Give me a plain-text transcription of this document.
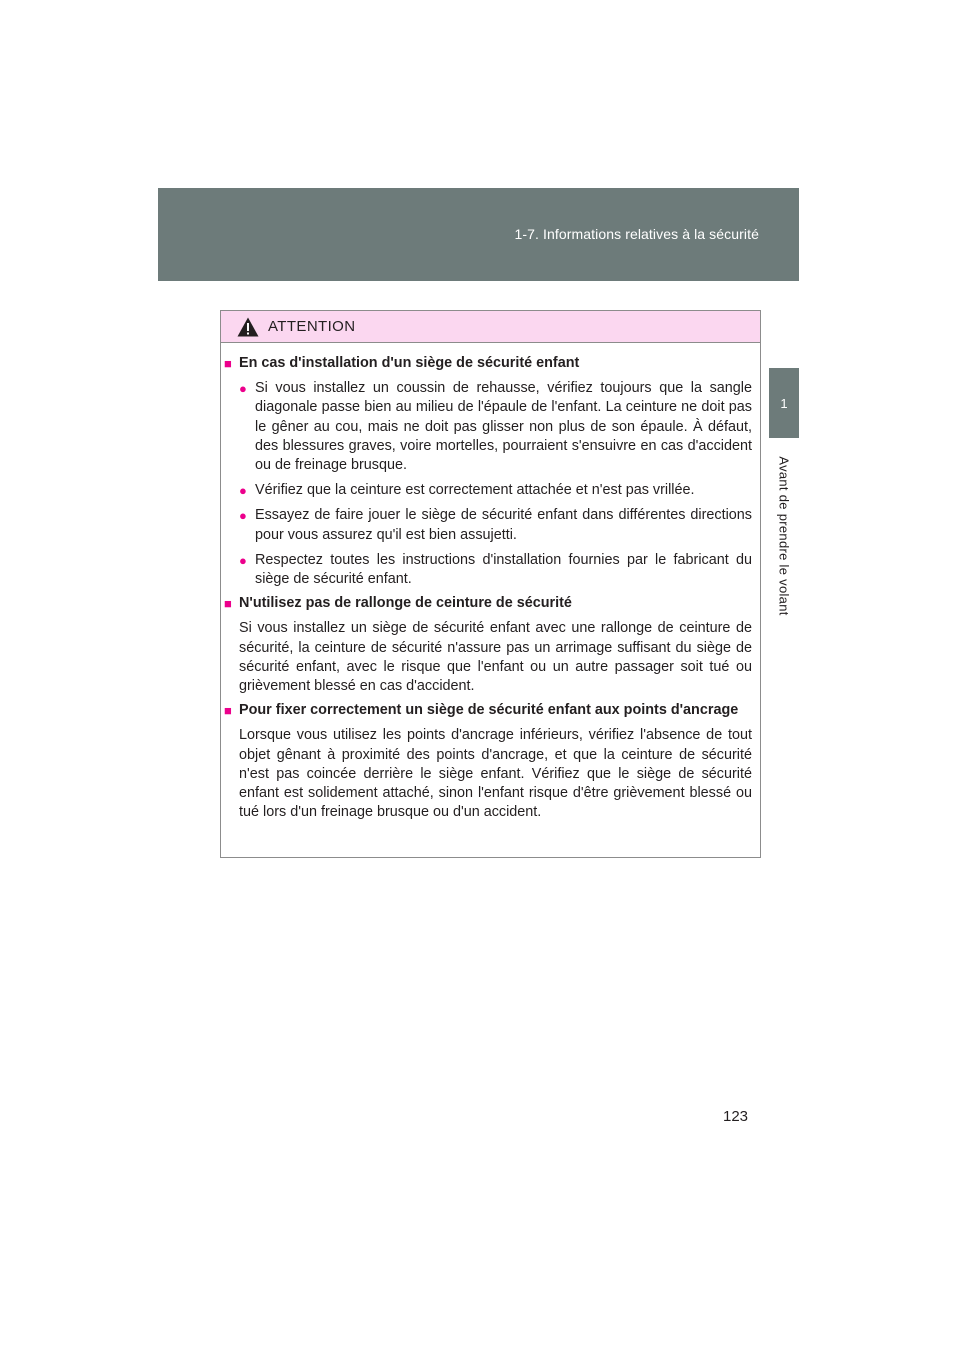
1-7. Informations relatives à la sécurité
1
Avant de prendre le volant
ATTENTION
■ En cas d'installation d'un siège de sécurité enfant
● Si vous installez un coussin de rehausse, vérifiez toujours que la sangle diagonale passe bien au milieu de l'épaule de l'enfant. La ceinture ne doit pas le gêner au cou, mais ne doit pas glisser non plus de son épaule. À défaut, des blessures graves, voire mortelles, pourraient s'ensuivre en cas d'accident ou de freinage brusque.
● Vérifiez que la ceinture est correctement attachée et n'est pas vrillée.
● Essayez de faire jouer le siège de sécurité enfant dans différentes directions pour vous assurez qu'il est bien assujetti.
● Respectez toutes les instructions d'installation fournies par le fabricant du siège de sécurité enfant.
■ N'utilisez pas de rallonge de ceinture de sécurité
Si vous installez un siège de sécurité enfant avec une rallonge de ceinture de sécurité, la ceinture de sécurité n'assure pas un arrimage suffisant du siège de sécurité enfant, avec le risque que l'enfant ou un autre passager soit tué ou grièvement blessé en cas d'accident.
■ Pour fixer correctement un siège de sécurité enfant aux points d'ancrage
Lorsque vous utilisez les points d'ancrage inférieurs, vérifiez l'absence de tout objet gênant à proximité des points d'ancrage, et que la ceinture de sécurité n'est pas coincée derrière le siège enfant. Vérifiez que le siège de sécurité enfant est solidement attaché, sinon l'enfant risque d'être grièvement blessé ou tué lors d'un freinage brusque ou d'un accident.
123
